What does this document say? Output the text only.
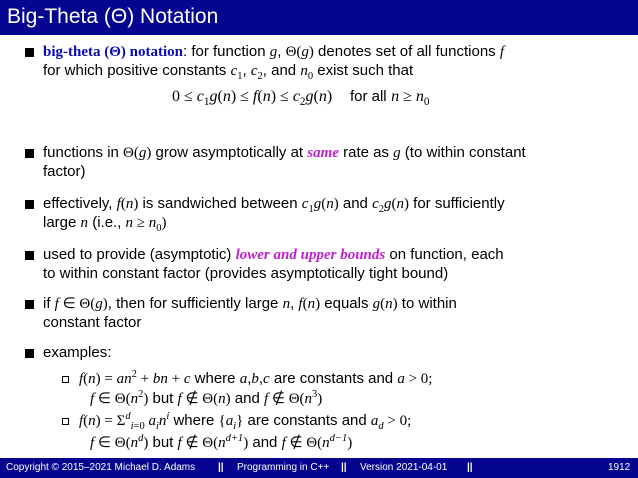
Big-Theta (Θ) Notation
big-theta (Θ) notation: for function g, Θ(g) denotes set of all functions f
for which positive constants $c_1$, $c_2$, and $n_0$ exist such that
$0 \le c_1g(n) \le f(n) \le c_2g(n)$ for all $n \ge n_0$
functions in Θ(g) grow asymptotically at same rate as g (to within constant
factor)
effectively, f(n) is sandwiched between $c_1g(n)$ and $c_2g(n)$ for sufficiently
large n (i.e., $n \ge n_0$)
used to provide (asymptotic) lower and upper bounds on function, each
to within constant factor (provides asymptotically tight bound)
if f ∈ Θ(g), then for sufficiently large n, f(n) equals g(n) to within
constant factor
examples:
$f(n) = an^2$ + bn + c where a,b,c are constants and a > 0;
f ∈ $\Theta(n^2)$ but f ∉ Θ(n) and f ∉ $\Theta(n^3)$
$f(n) = \Sigma^d_{i=0}$ $a_in^i$ where $\{a_i\}$ are constants and $a_d > 0$;
f ∈ $\Theta(n^d)$ but f ∉ $\Theta(n^{d+1})$ and f ∉ $\Theta(n^{d-1})$
Copyright © 2015–2021 Michael D. Adams || Programming in C++ || Version 2021-04-01 ||	1912
